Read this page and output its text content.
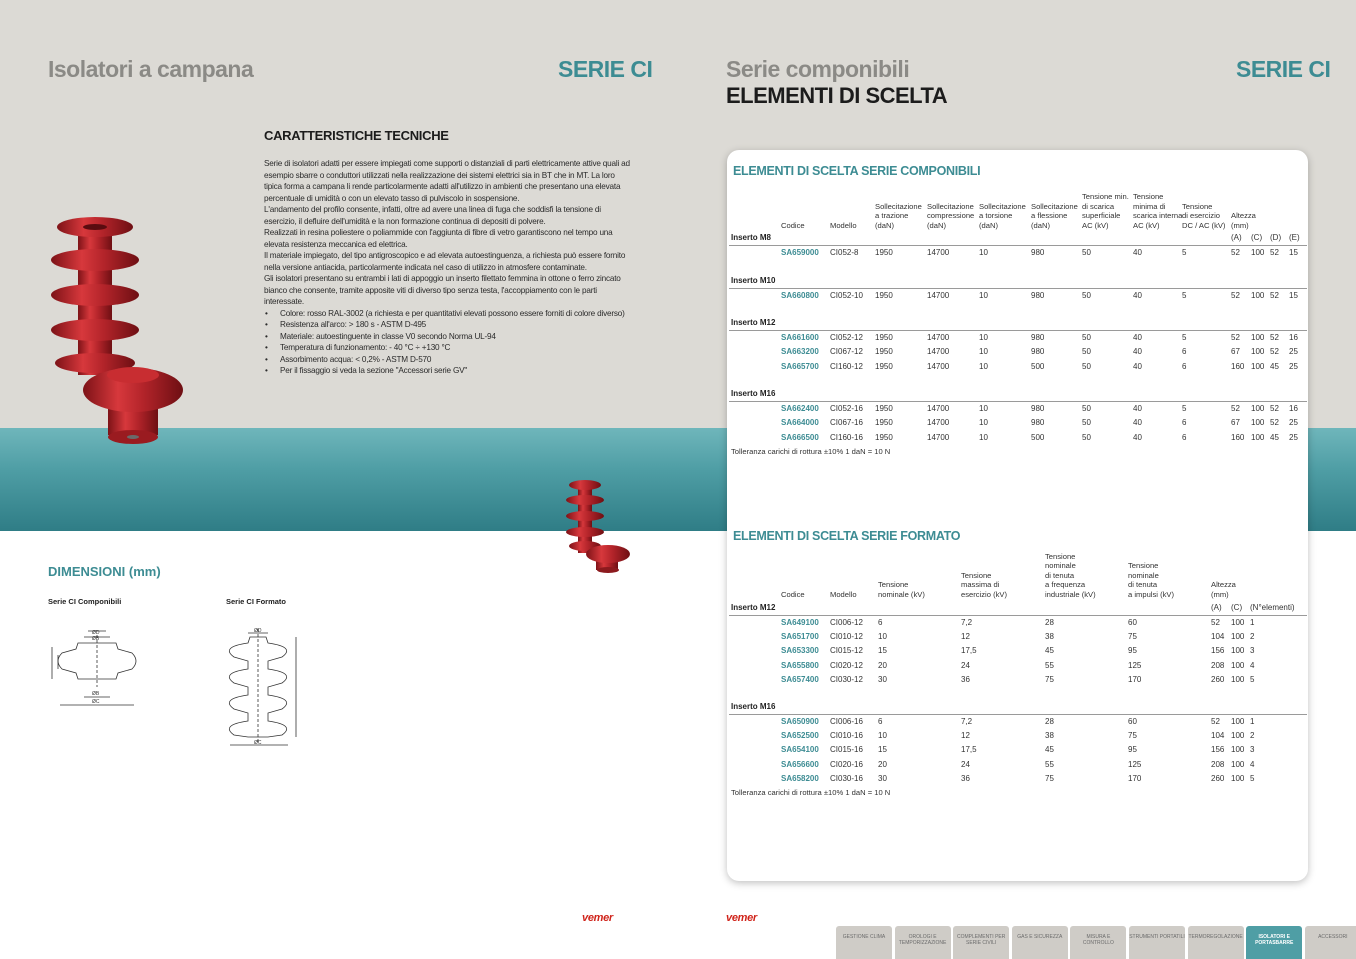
Isolatori a campana	SERIE CI
CARATTERISTICHE TECNICHE

Serie di isolatori adatti per essere impiegati come supporti o distanziali di parti elettricamente attive quali ad esempio sbarre o conduttori utilizzati nella realizzazione dei sistemi elettrici sia in BT che in MT. La loro tipica forma a campana li rende particolarmente adatti all'utilizzo in ambienti che presentano una elevata percentuale di umidità o con un elevato tasso di pulviscolo in sospensione.

L'andamento del profilo consente, infatti, oltre ad avere una linea di fuga che soddisfi la tensione di esercizio, il defluire dell'umidità e la non formazione continua di depositi di polvere.

Realizzati in resina poliestere o poliammide con l'aggiunta di fibre di vetro garantiscono nel tempo una elevata resistenza meccanica ed elettrica.

Il materiale impiegato, del tipo antigroscopico e ad elevata autoestinguenza, a richiesta può essere fornito nella versione antiacida, particolarmente indicata nel caso di utilizzo in atmosfere contaminate.

Gli isolatori presentano su entrambi i lati di appoggio un inserto filettato femmina in ottone o ferro zincato bianco che consente, tramite apposite viti di diverso tipo senza testa, l'accoppiamento con le parti interessate.

• Colore: rosso RAL-3002 (a richiesta e per quantitativi elevati possono essere forniti di colore diverso)
• Resistenza all'arco: > 180 s - ASTM D-495
• Materiale: autoestinguente in classe V0 secondo Norma UL-94
• Temperatura di funzionamento: - 40 °C ÷ +130 °C
• Assorbimento acqua: < 0,2% - ASTM D-570
• Per il fissaggio si veda la sezione "Accessori serie GV"
DIMENSIONI (mm)
Serie CI Componibili	Serie CI Formato
ØD
ØB
ØB
ØC
ØD
ØC
vemer
Serie componibili
ELEMENTI DI SCELTA
SERIE CI
ELEMENTI DI SCELTA SERIE COMPONIBILI
Codice	Modello
Sollecitazione
a trazione
(daN)
Sollecitazione
compressione
(daN)
Sollecitazione
a torsione
(daN)
Sollecitazione
a flessione
(daN)
Tensione min.
di scarica
superficiale
AC (kV)
Tensione
minima di
scarica interna
AC (kV)
Tensione
di esercizio
DC / AC (kV)
Altezza
(mm)
(A) (C) (D) (E)
Inserto M8
SA659000 CI052-8 1950	14700	10	980	50	40	5	52 100 52 15
Inserto M10
SA660800 CI052-10 1950	14700	10	980	50	40	5	52 100 52 15
Inserto M12
SA661600 CI052-12 1950	14700	10	980	50	40	5	52 100 52 16
SA663200 CI067-12 1950	14700	10	980	50	40	6	67 100 52 25
SA665700 CI160-12 1950	14700	10	500	50	40	6	160 100 45 25
Inserto M16
SA662400 CI052-16 1950	14700	10	980	50	40	5	52 100 52 16
SA664000 CI067-16 1950	14700	10	980	50	40	6	67 100 52 25
SA666500 CI160-16 1950	14700	10	500	50	40	6	160 100 45 25
Tolleranza carichi di rottura ±10% 1 daN = 10 N
ELEMENTI DI SCELTA SERIE FORMATO
Codice	Modello
Tensione
nominale (kV)
Tensione
massima di
esercizio (kV)
Tensione
nominale
di tenuta
a frequenza
industriale (kV)
Tensione
nominale
di tenuta
a impulsi (kV)
Altezza
(mm)
(A) (C) (N°elementi)
Inserto M12
SA649100 CI006-12 6	7,2	28	60	52 100 1
SA651700 CI010-12 10	12	38	75	104 100 2
SA653300 CI015-12 15	17,5	45	95	156 100 3
SA655800 CI020-12 20	24	55	125	208 100 4
SA657400 CI030-12 30	36	75	170	260 100 5
Inserto M16
SA650900 CI006-16 6	7,2	28	60	52 100 1
SA652500 CI010-16 10	12	38	75	104 100 2
SA654100 CI015-16 15	17,5	45	95	156 100 3
SA656600 CI020-16 20	24	55	125	208 100 4
SA658200 CI030-16 30	36	75	170	260 100 5
Tolleranza carichi di rottura ±10% 1 daN = 10 N
vemer
GESTIONE CLIMA	OROLOGI E TEMPORIZZAZIONE
COMPLEMENTI PER SERIE CIVILI
GAS E SICUREZZA	MISURA E CONTROLLO
STRUMENTI PORTATILI TERMOREGOLAZIONE	ISOLATORI E PORTASBARRE
ACCESSORI
